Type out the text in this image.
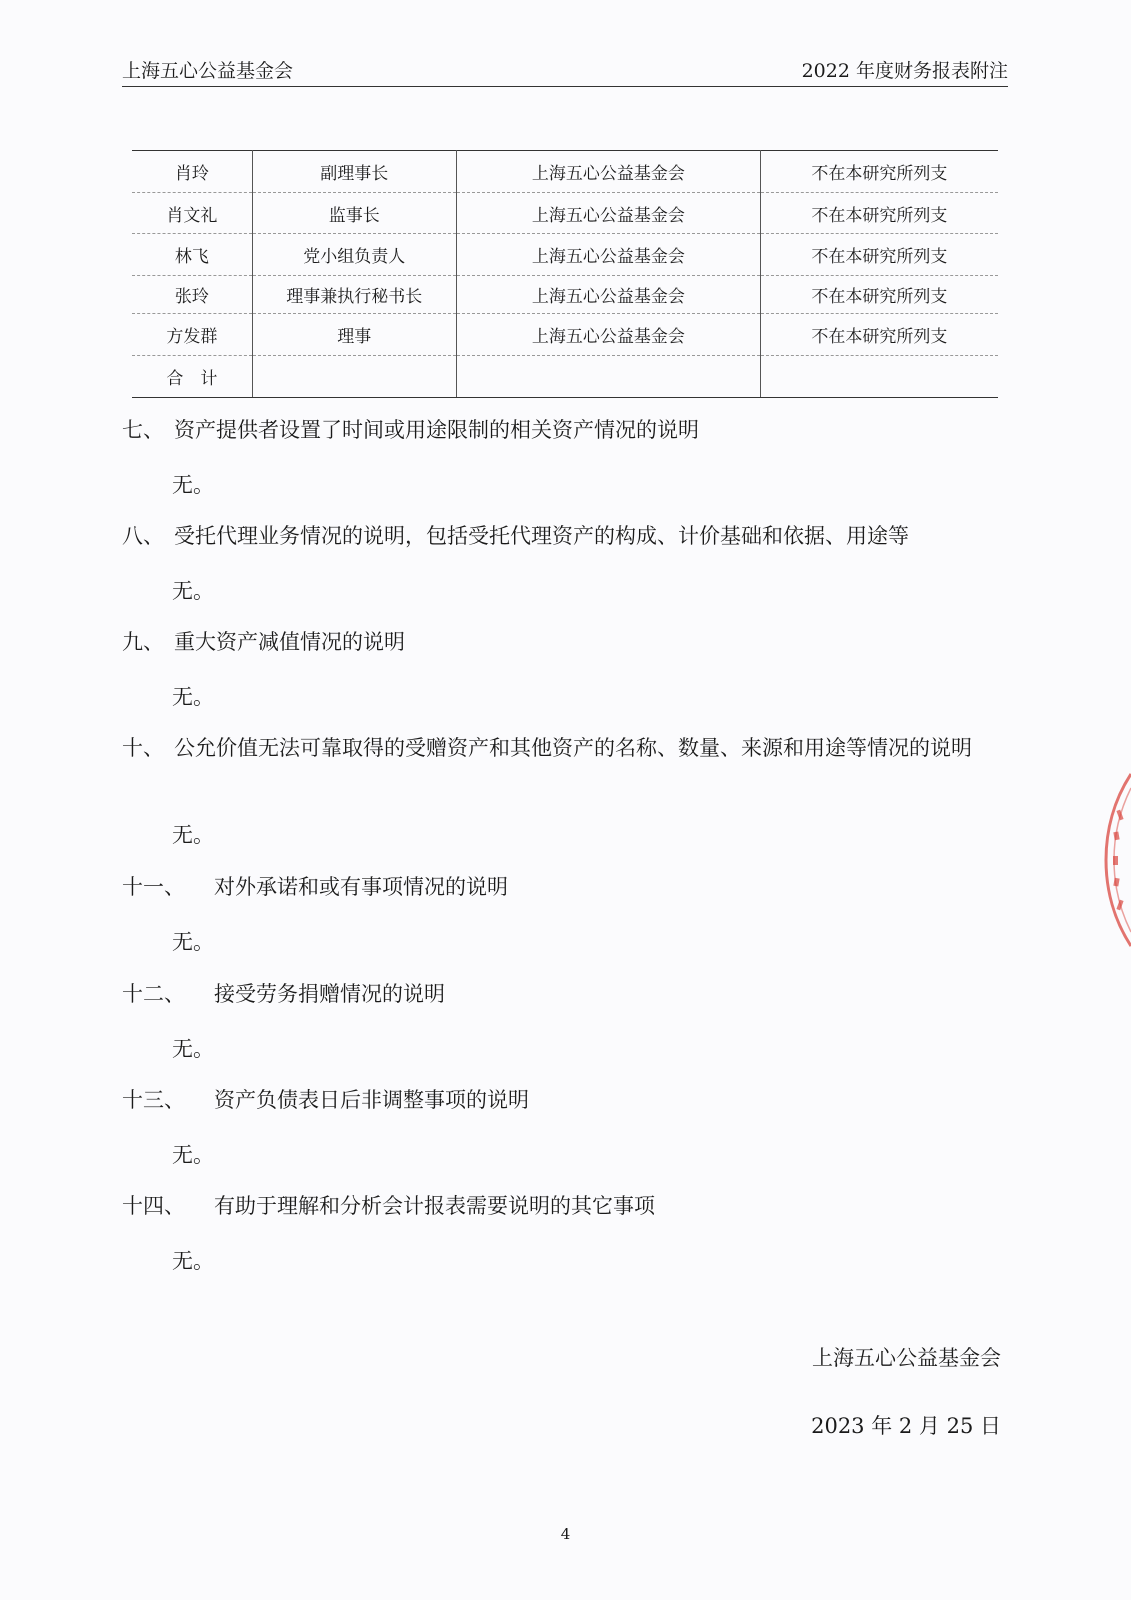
上海五心公益基金会	2022 年度财务报表附注
肖玲	副理事长	上海五心公益基金会	不在本研究所列支
肖文礼	监事长	上海五心公益基金会	不在本研究所列支
林飞	党小组负责人	上海五心公益基金会	不在本研究所列支
张玲	理事兼执行秘书长	上海五心公益基金会	不在本研究所列支
方发群	理事	上海五心公益基金会	不在本研究所列支
合　计			
七、 资产提供者设置了时间或用途限制的相关资产情况的说明
无。
八、 受托代理业务情况的说明，包括受托代理资产的构成、计价基础和依据、用途等
无。
九、 重大资产减值情况的说明
无。
十、 公允价值无法可靠取得的受赠资产和其他资产的名称、数量、来源和用途等情况的说明
无。
十一、 对外承诺和或有事项情况的说明
无。
十二、 接受劳务捐赠情况的说明
无。
十三、 资产负债表日后非调整事项的说明
无。
十四、 有助于理解和分析会计报表需要说明的其它事项
无。
上海五心公益基金会
2023 年 2 月 25 日
4
